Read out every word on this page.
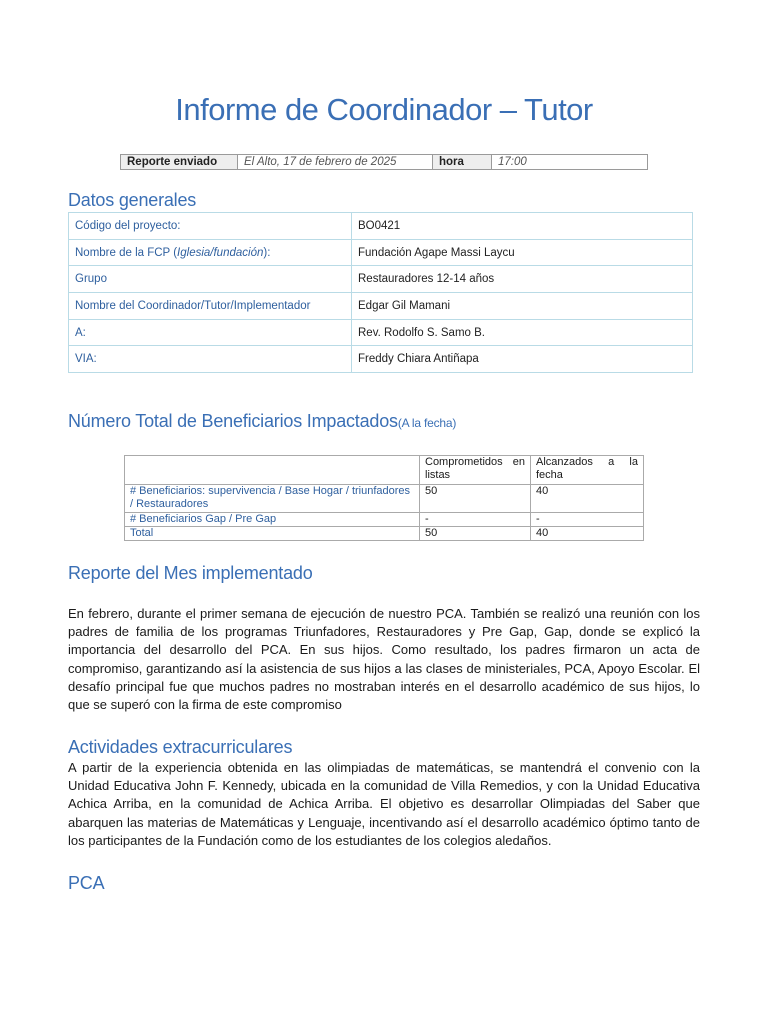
Informe de Coordinador – Tutor
Reporte enviado	El Alto, 17 de febrero de 2025	hora	17:00
Datos generales
Código del proyecto:	BO0421
Nombre de la FCP (Iglesia/fundación):	Fundación Agape Massi Laycu
Grupo	Restauradores 12-14 años
Nombre del Coordinador/Tutor/Implementador	Edgar Gil Mamani
A:	Rev. Rodolfo S. Samo B.
VIA:	Freddy Chiara Antiñapa
Número Total de Beneficiarios Impactados(A la fecha)
	Comprometidos en listas	Alcanzados a la fecha
# Beneficiarios: supervivencia / Base Hogar / triunfadores / Restauradores	50	40
# Beneficiarios Gap / Pre Gap	-	-
Total	50	40
Reporte del Mes implementado

En febrero, durante el primer semana de ejecución de nuestro PCA. También se realizó una reunión con los padres de familia de los programas Triunfadores, Restauradores y Pre Gap, Gap, donde se explicó la importancia del desarrollo del PCA. En sus hijos. Como resultado, los padres firmaron un acta de compromiso, garantizando así la asistencia de sus hijos a las clases de ministeriales, PCA, Apoyo Escolar. El desafío principal fue que muchos padres no mostraban interés en el desarrollo académico de sus hijos, lo que se superó con la firma de este compromiso

Actividades extracurriculares

A partir de la experiencia obtenida en las olimpiadas de matemáticas, se mantendrá el convenio con la Unidad Educativa John F. Kennedy, ubicada en la comunidad de Villa Remedios, y con la Unidad Educativa Achica Arriba, en la comunidad de Achica Arriba. El objetivo es desarrollar Olimpiadas del Saber que abarquen las materias de Matemáticas y Lenguaje, incentivando así el desarrollo académico óptimo tanto de los participantes de la Fundación como de los estudiantes de los colegios aledaños.

PCA
